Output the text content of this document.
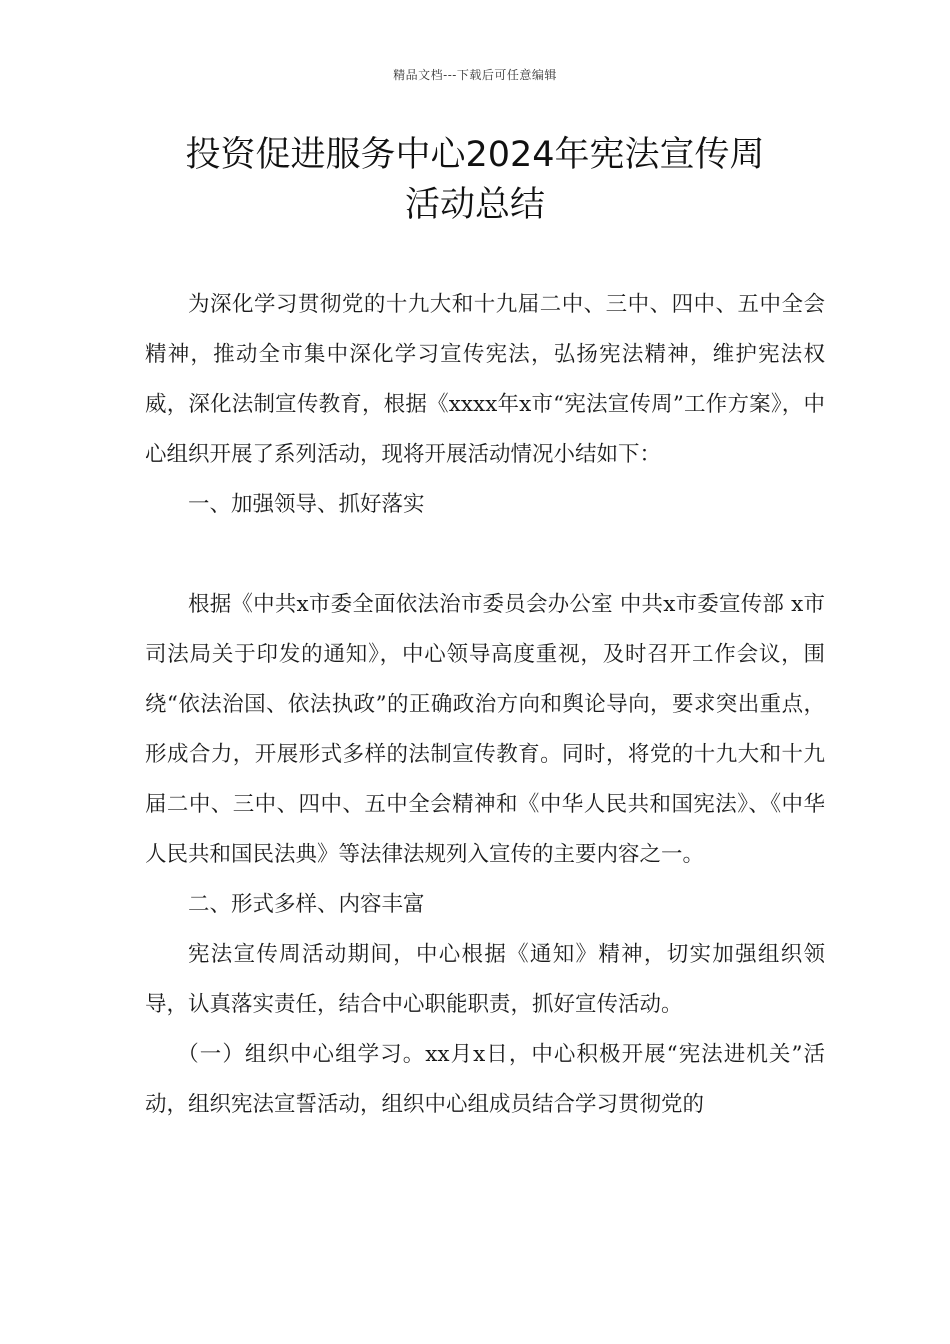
精品文档---下载后可任意编辑
投资促进服务中心2024年宪法宣传周
活动总结

为深化学习贯彻党的十九大和十九届二中、三中、四中、五中全会精神，推动全市集中深化学习宣传宪法，弘扬宪法精神，维护宪法权威，深化法制宣传教育，根据《xxxx年x市“宪法宣传周”工作方案》，中心组织开展了系列活动，现将开展活动情况小结如下：

一、加强领导、抓好落实

根据《中共x市委全面依法治市委员会办公室 中共x市委宣传部 x市司法局关于印发的通知》，中心领导高度重视，及时召开工作会议，围绕“依法治国、依法执政”的正确政治方向和舆论导向，要求突出重点，形成合力，开展形式多样的法制宣传教育。同时，将党的十九大和十九届二中、三中、四中、五中全会精神和《中华人民共和国宪法》、《中华人民共和国民法典》等法律法规列入宣传的主要内容之一。

二、形式多样、内容丰富

宪法宣传周活动期间，中心根据《通知》精神，切实加强组织领导，认真落实责任，结合中心职能职责，抓好宣传活动。

（一）组织中心组学习。xx月x日，中心积极开展“宪法进机关”活动，组织宪法宣誓活动，组织中心组成员结合学习贯彻党的
